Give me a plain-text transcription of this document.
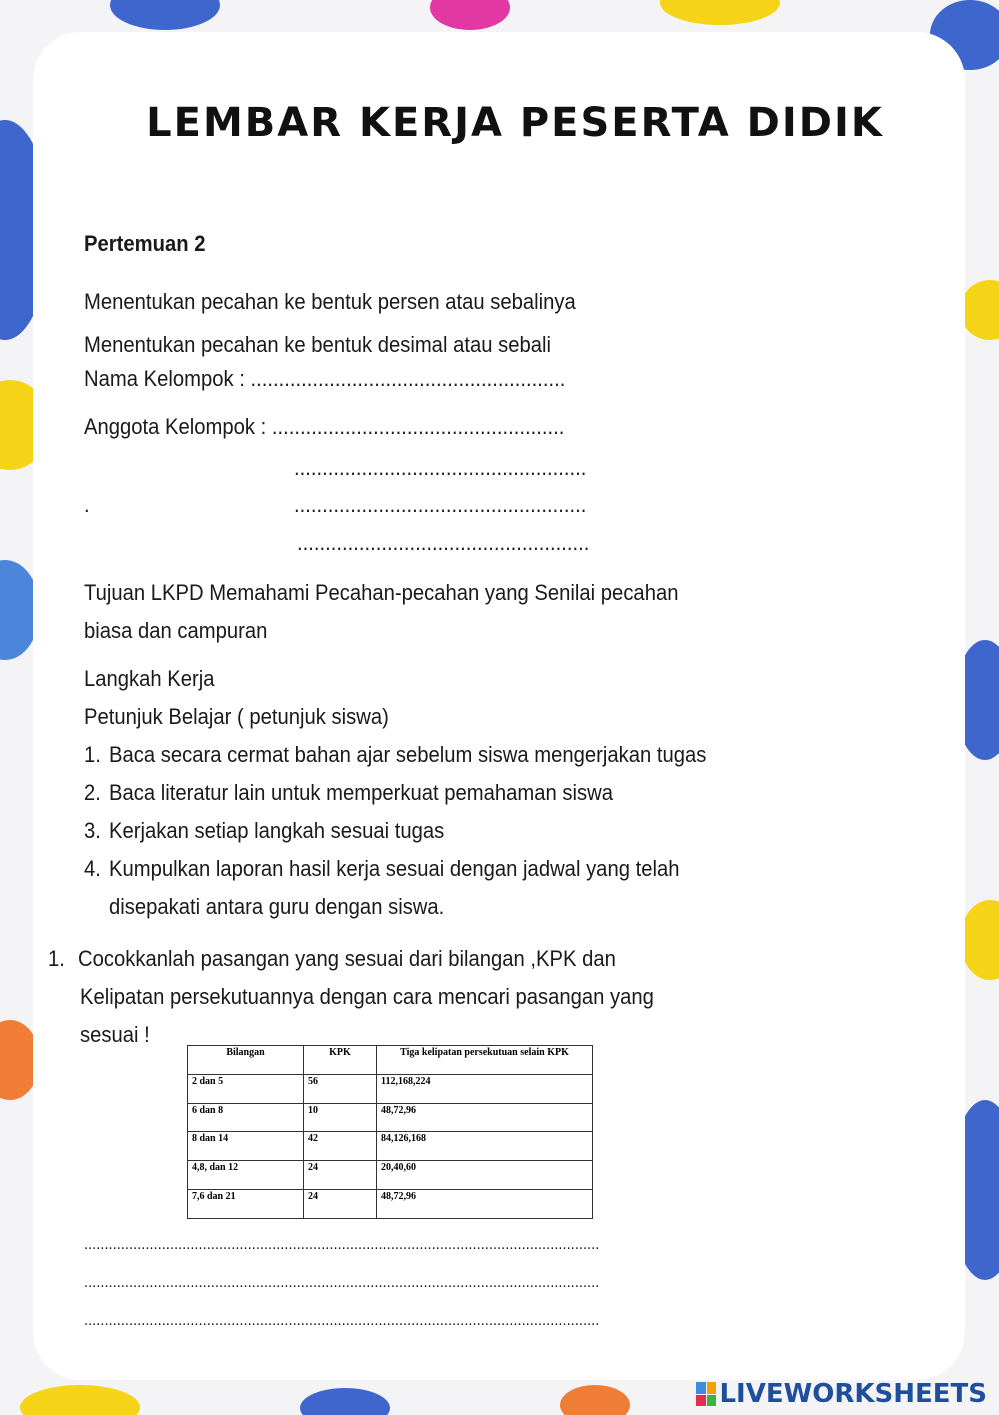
LEMBAR KERJA PESERTA DIDIK
Pertemuan 2
Menentukan pecahan ke bentuk persen atau sebalinya
Menentukan pecahan ke bentuk desimal atau sebali
Nama Kelompok : ........................................................
Anggota Kelompok : ....................................................
....................................................
.	....................................................
....................................................
Tujuan LKPD Memahami Pecahan-pecahan yang Senilai pecahan
biasa dan campuran
Langkah Kerja
Petunjuk Belajar ( petunjuk siswa)
1. Baca secara cermat bahan ajar sebelum siswa mengerjakan tugas
2. Baca literatur lain untuk memperkuat pemahaman siswa
3. Kerjakan setiap langkah sesuai tugas
4. Kumpulkan laporan hasil kerja sesuai dengan jadwal yang telah
disepakati antara guru dengan siswa.
1. Cocokkanlah pasangan yang sesuai dari bilangan ,KPK dan
Kelipatan persekutuannya dengan cara mencari pasangan yang
sesuai !
Bilangan	KPK	Tiga kelipatan persekutuan selain KPK
2 dan 5	56	112,168,224
6 dan 8	10	48,72,96
8 dan 14	42	84,126,168
4,8, dan 12	24	20,40,60
7,6 dan 21	24	48,72,96
..............................................................................................................................
..............................................................................................................................
..............................................................................................................................
LIVEWORKSHEETS
